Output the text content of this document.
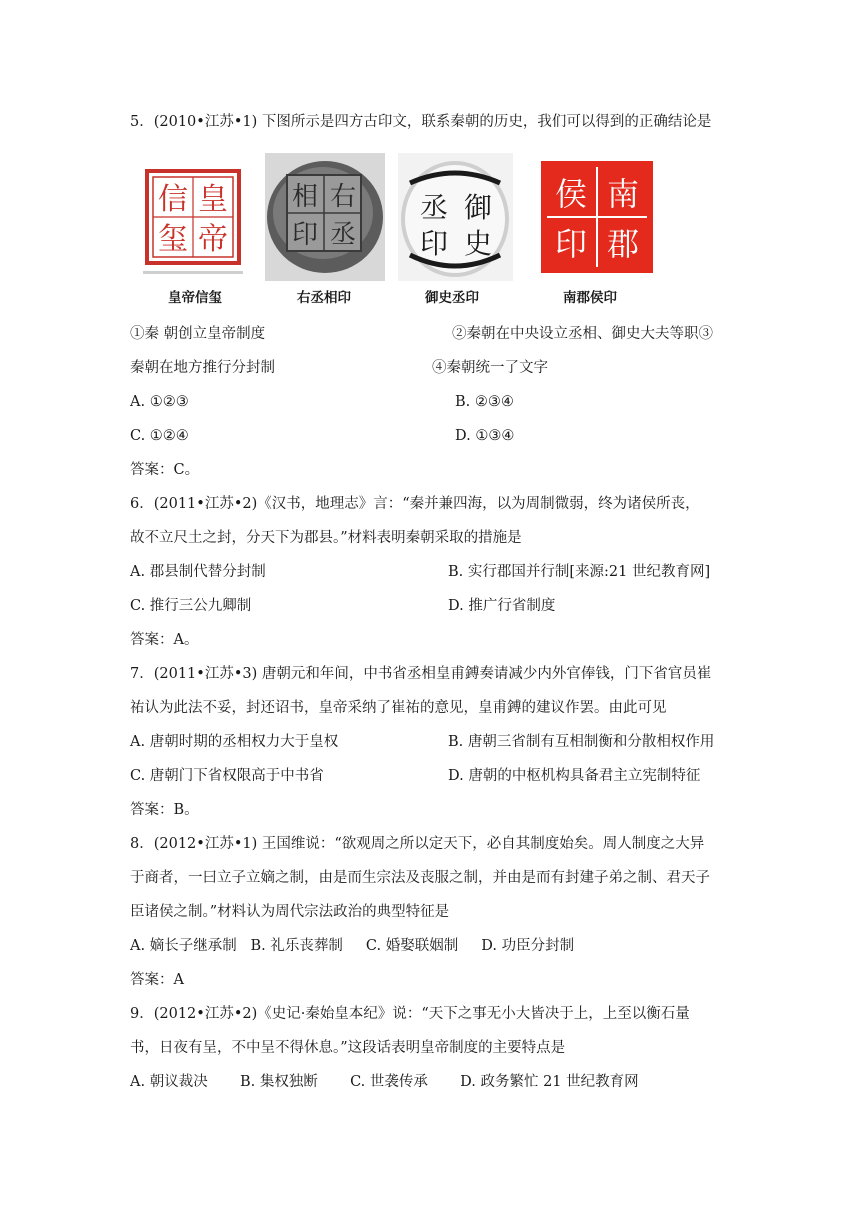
5．(2010•江苏•1) 下图所示是四方古印文，联系秦朝的历史，我们可以得到的正确结论是
皇
帝
信
玺
右
丞
相
印
御
史
丞
印
南
郡
侯
印
皇帝信玺	右丞相印	御史丞印	南郡侯印
①秦 朝创立皇帝制度	②秦朝在中央设立丞相、御史大夫等职③
秦朝在地方推行分封制	④秦朝统一了文字
A. ①②③	B. ②③④
C. ①②④	D. ①③④
答案：C。
6．(2011•江苏•2)《汉书，地理志》言：“秦并兼四海，以为周制微弱，终为诸侯所丧，
故不立尺土之封，分天下为郡县。”材料表明秦朝采取的措施是
A. 郡县制代替分封制	B. 实行郡国并行制[来源:21 世纪教育网]
C. 推行三公九卿制	D. 推广行省制度
答案：A。
7．(2011•江苏•3) 唐朝元和年间，中书省丞相皇甫鎛奏请减少内外官俸钱，门下省官员崔
祐认为此法不妥，封还诏书，皇帝采纳了崔祐的意见，皇甫鎛的建议作罢。由此可见
A. 唐朝时期的丞相权力大于皇权	B. 唐朝三省制有互相制衡和分散相权作用
C. 唐朝门下省权限高于中书省	D. 唐朝的中枢机构具备君主立宪制特征
答案：B。
8．(2012•江苏•1) 王国维说：“欲观周之所以定天下，必自其制度始矣。周人制度之大异
于商者，一曰立子立嫡之制，由是而生宗法及丧服之制，并由是而有封建子弟之制、君天子
臣诸侯之制。”材料认为周代宗法政治的典型特征是
A. 嫡长子继承制   B. 礼乐丧葬制     C. 婚娶联姻制     D. 功臣分封制
答案：A
9．(2012•江苏•2)《史记·秦始皇本纪》说：“天下之事无小大皆决于上，上至以衡石量
书，日夜有呈，不中呈不得休息。”这段话表明皇帝制度的主要特点是
A. 朝议裁决       B. 集权独断       C. 世袭传承       D. 政务繁忙 21 世纪教育网
